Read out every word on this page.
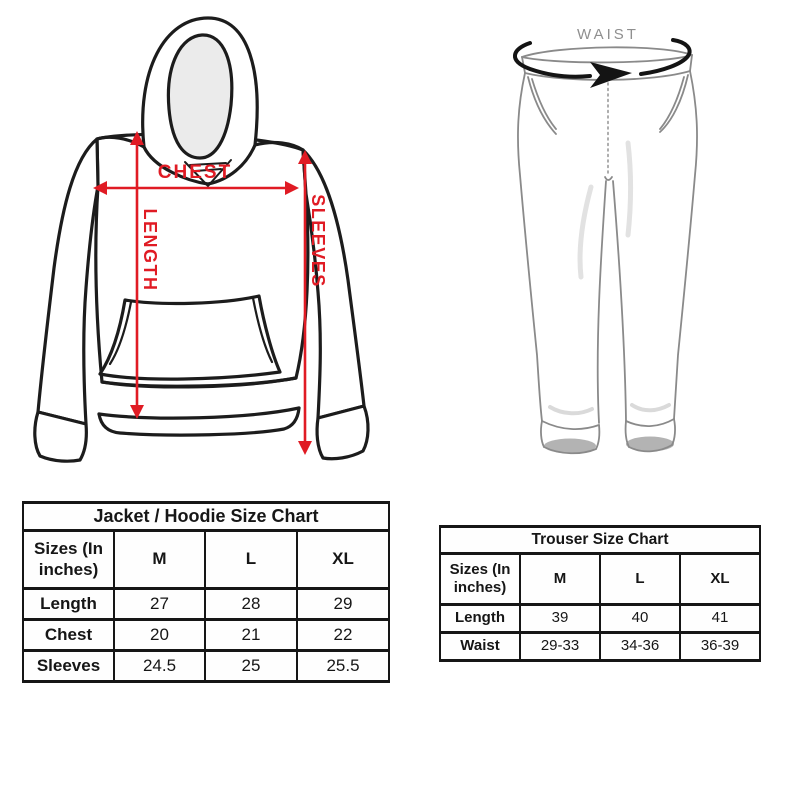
CHEST
LENGTH	SLEEVES
WAIST
Jacket / Hoodie Size Chart			
Sizes (In inches)	M	L	XL
Length	27	28	29
Chest	20	21	22
Sleeves	24.5	25	25.5
Trouser Size Chart			
Sizes (In inches)	M	L	XL
Length	39	40	41
Waist	29-33	34-36	36-39
